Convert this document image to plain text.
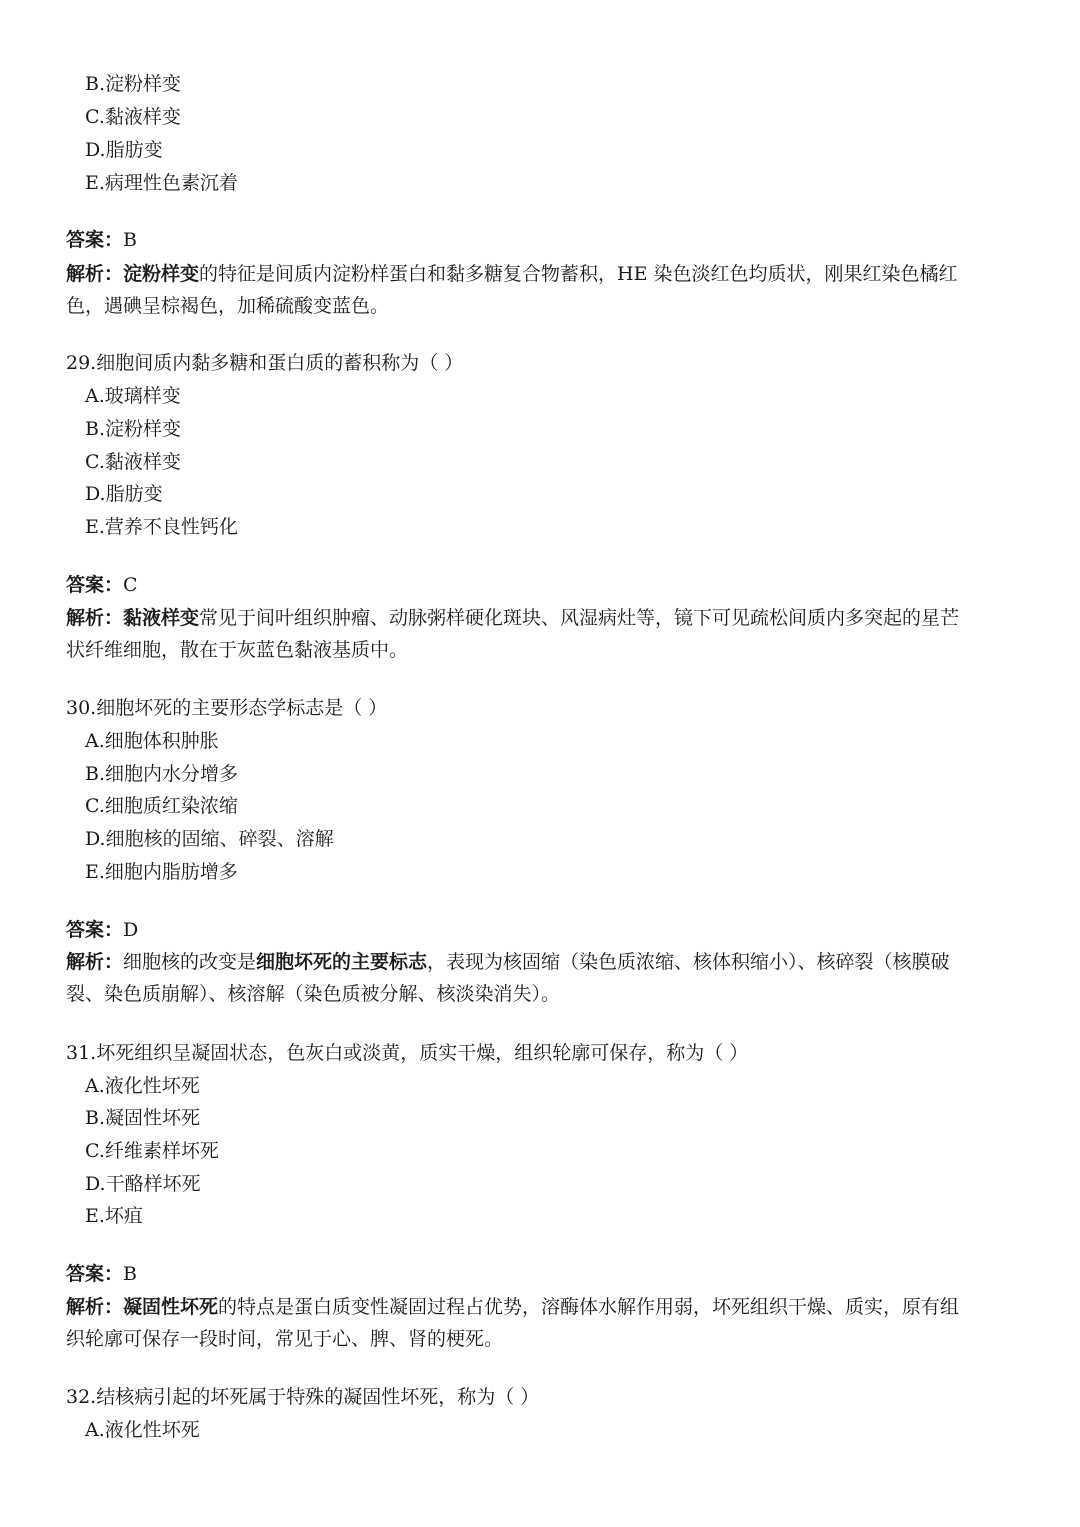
B.淀粉样变
C.黏液样变
D.脂肪变
E.病理性色素沉着
答案：B
解析：淀粉样变的特征是间质内淀粉样蛋白和黏多糖复合物蓄积，HE 染色淡红色均质状，刚果红染色橘红
色，遇碘呈棕褐色，加稀硫酸变蓝色。
29.细胞间质内黏多糖和蛋白质的蓄积称为（ ）
A.玻璃样变
B.淀粉样变
C.黏液样变
D.脂肪变
E.营养不良性钙化
答案：C
解析：黏液样变常见于间叶组织肿瘤、动脉粥样硬化斑块、风湿病灶等，镜下可见疏松间质内多突起的星芒
状纤维细胞，散在于灰蓝色黏液基质中。
30.细胞坏死的主要形态学标志是（ ）
A.细胞体积肿胀
B.细胞内水分增多
C.细胞质红染浓缩
D.细胞核的固缩、碎裂、溶解
E.细胞内脂肪增多
答案：D
解析：细胞核的改变是细胞坏死的主要标志，表现为核固缩（染色质浓缩、核体积缩小）、核碎裂（核膜破
裂、染色质崩解）、核溶解（染色质被分解、核淡染消失）。
31.坏死组织呈凝固状态，色灰白或淡黄，质实干燥，组织轮廓可保存，称为（ ）
A.液化性坏死
B.凝固性坏死
C.纤维素样坏死
D.干酪样坏死
E.坏疽
答案：B
解析：凝固性坏死的特点是蛋白质变性凝固过程占优势，溶酶体水解作用弱，坏死组织干燥、质实，原有组
织轮廓可保存一段时间，常见于心、脾、肾的梗死。
32.结核病引起的坏死属于特殊的凝固性坏死，称为（ ）
A.液化性坏死
